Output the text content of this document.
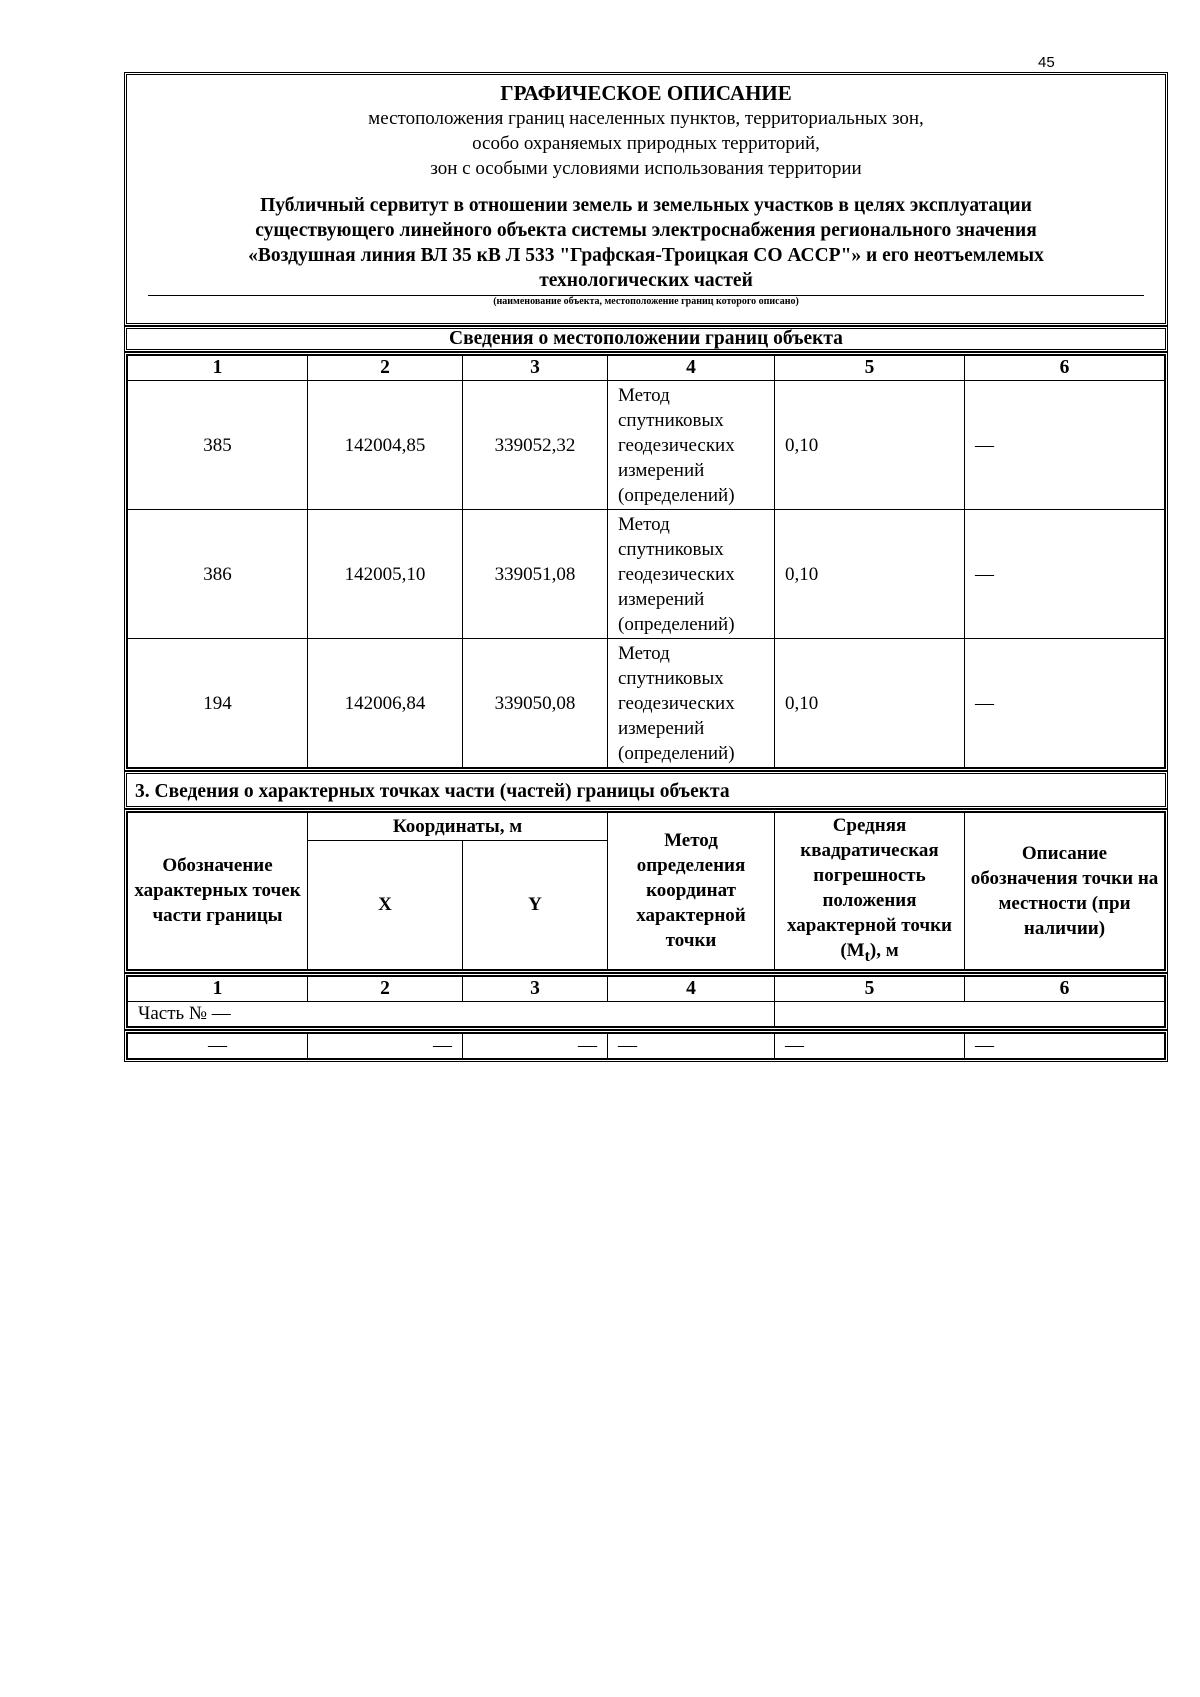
45
ГРАФИЧЕСКОЕ ОПИСАНИЕ
местоположения границ населенных пунктов, территориальных зон,
особо охраняемых природных территорий,
зон с особыми условиями использования территории
Публичный сервитут в отношении земель и земельных участков в целях эксплуатации
существующего линейного объекта системы электроснабжения регионального значения
«Воздушная линия ВЛ 35 кВ Л 533 "Графская-Троицкая СО АССР"» и его неотъемлемых
технологических частей
(наименование объекта, местоположение границ которого описано)
Сведения о местоположении границ объекта
1	2	3	4	5	6
385	142004,85	339052,32	Метод спутниковых геодезических измерений (определений)	0,10	—
386	142005,10	339051,08	Метод спутниковых геодезических измерений (определений)	0,10	—
194	142006,84	339050,08	Метод спутниковых геодезических измерений (определений)	0,10	—
3. Сведения о характерных точках части (частей) границы объекта
Обозначение характерных точек части границы	Координаты, м		Метод определения координат характерной точки	Средняя квадратическая погрешность положения характерной точки $(M_t)$, м	Описание обозначения точки на местности (при наличии)
	X	Y			
1	2	3	4	5	6
Часть № —					
—	—	—	—	—	—
